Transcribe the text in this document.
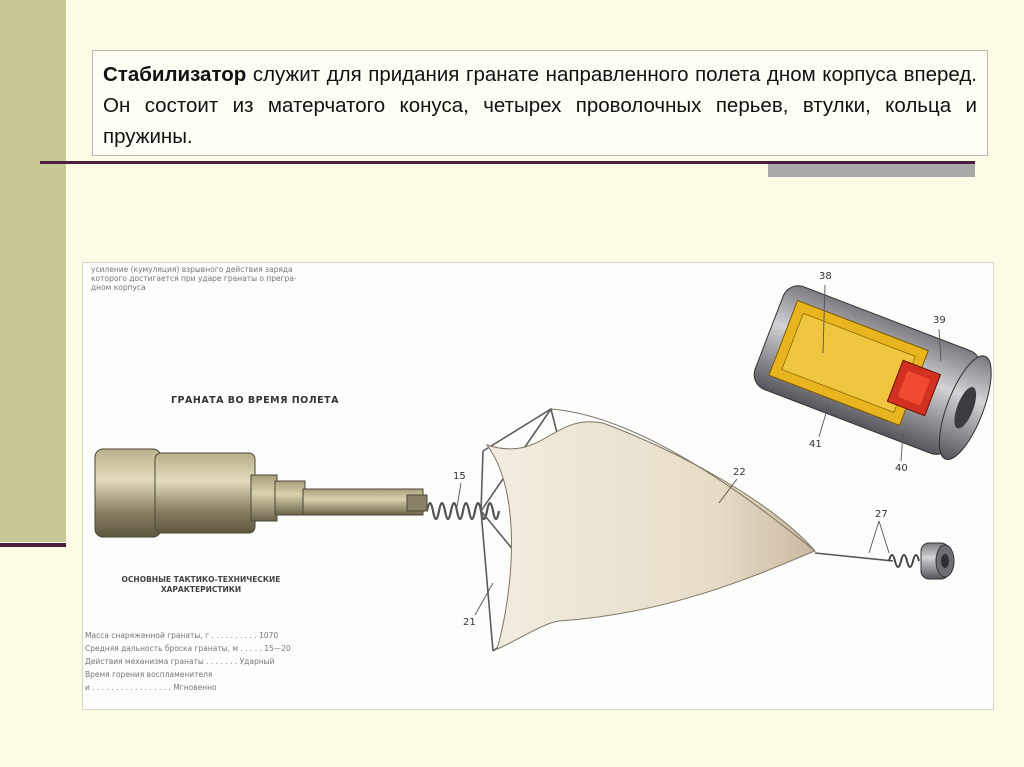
Стабилизатор служит для придания гранате направленного полета дном корпуса вперед. Он состоит из матерчатого конуса, четырех проволочных перьев, втулки, кольца и пружины.
усиление (кумуляция) взрывного действия заряда
которого достигается при ударе гранаты о прегра-
дном корпуса
ГРАНАТА ВО ВРЕМЯ ПОЛЕТА
ОСНОВНЫЕ ТАКТИКО-ТЕХНИЧЕСКИЕ
ХАРАКТЕРИСТИКИ
Масса снаряженной гранаты, г . . . . . . . . . . 1070
Средняя дальность броска гранаты, м . . . . . 15—20
Действия механизма гранаты . . . . . . . Ударный
Время горения воспламенителя
и . . . . . . . . . . . . . . . . . Мгновенно
15
21
22
27
38
39
40
41
